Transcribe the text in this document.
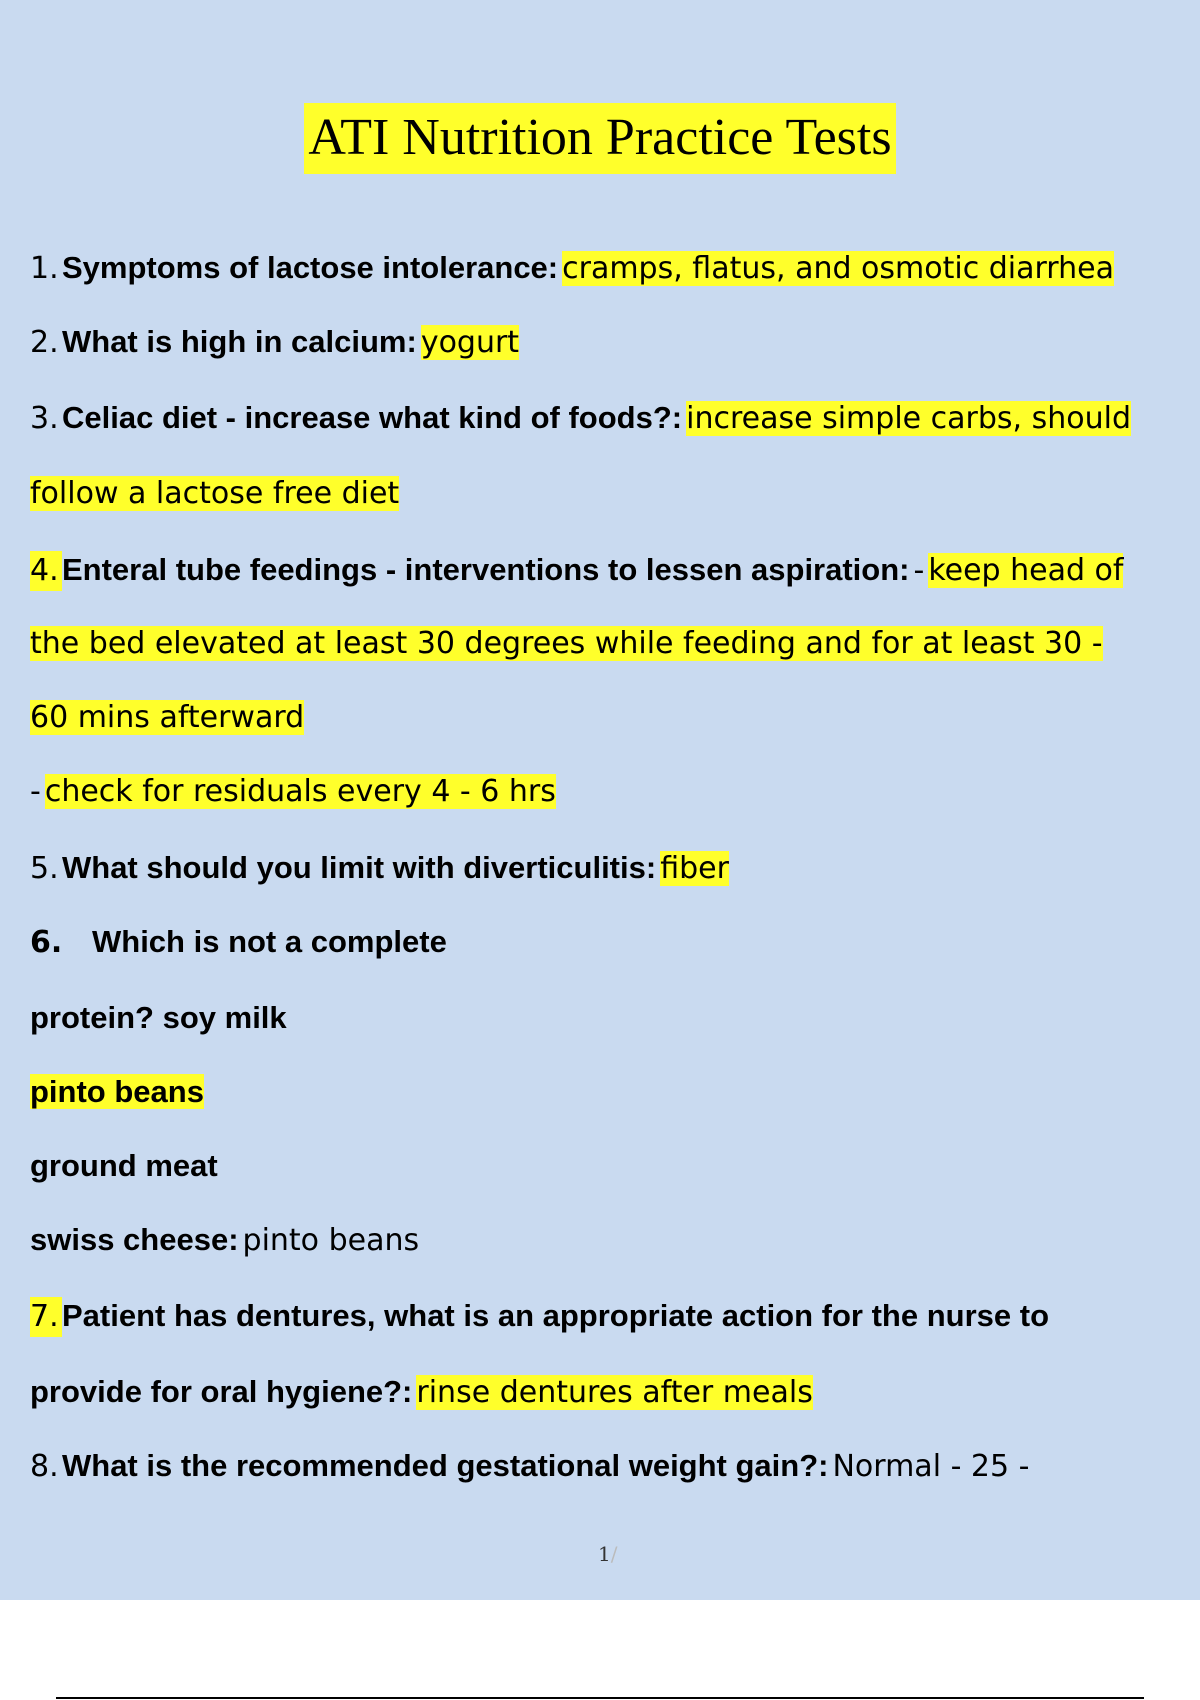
ATI Nutrition Practice Tests
1. Symptoms of lactose intolerance: cramps, flatus, and osmotic diarrhea
2. What is high in calcium: yogurt
3. Celiac diet - increase what kind of foods?: increase simple carbs, should
follow a lactose free diet
4. Enteral tube feedings - interventions to lessen aspiration: - keep head of
the bed elevated at least 30 degrees while feeding and for at least 30 -
60 mins afterward
- check for residuals every 4 - 6 hrs
5. What should you limit with diverticulitis: fiber
6. Which is not a complete
protein? soy milk
pinto beans
ground meat
swiss cheese: pinto beans
7. Patient has dentures, what is an appropriate action for the nurse to
provide for oral hygiene?: rinse dentures after meals
8. What is the recommended gestational weight gain?: Normal - 25 -
1/
